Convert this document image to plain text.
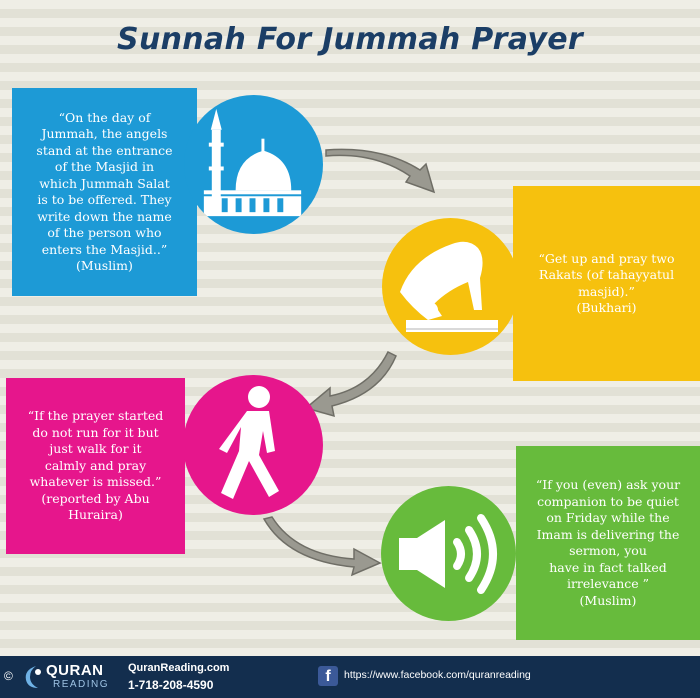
Sunnah For Jummah Prayer

“On the day of
Jummah, the angels
stand at the entrance
of the Masjid in
which Jummah Salat
is to be offered. They
write down the name
of the person who
enters the Masjid..”
(Muslim)	“Get up and pray two
Rakats (of tahayyatul
masjid).”
(Bukhari)

“If the prayer started
do not run for it but
just walk for it
calmly and pray
whatever is missed.”
(reported by Abu
Huraira)

“If you (even) ask your
companion to be quiet
on Friday while the
Imam is delivering the
sermon, you
have in fact talked
irrelevance ”
(Muslim)

© QURAN
READING
QuranReading.com
1-718-208-4590	f	https://www.facebook.com/quranreading
